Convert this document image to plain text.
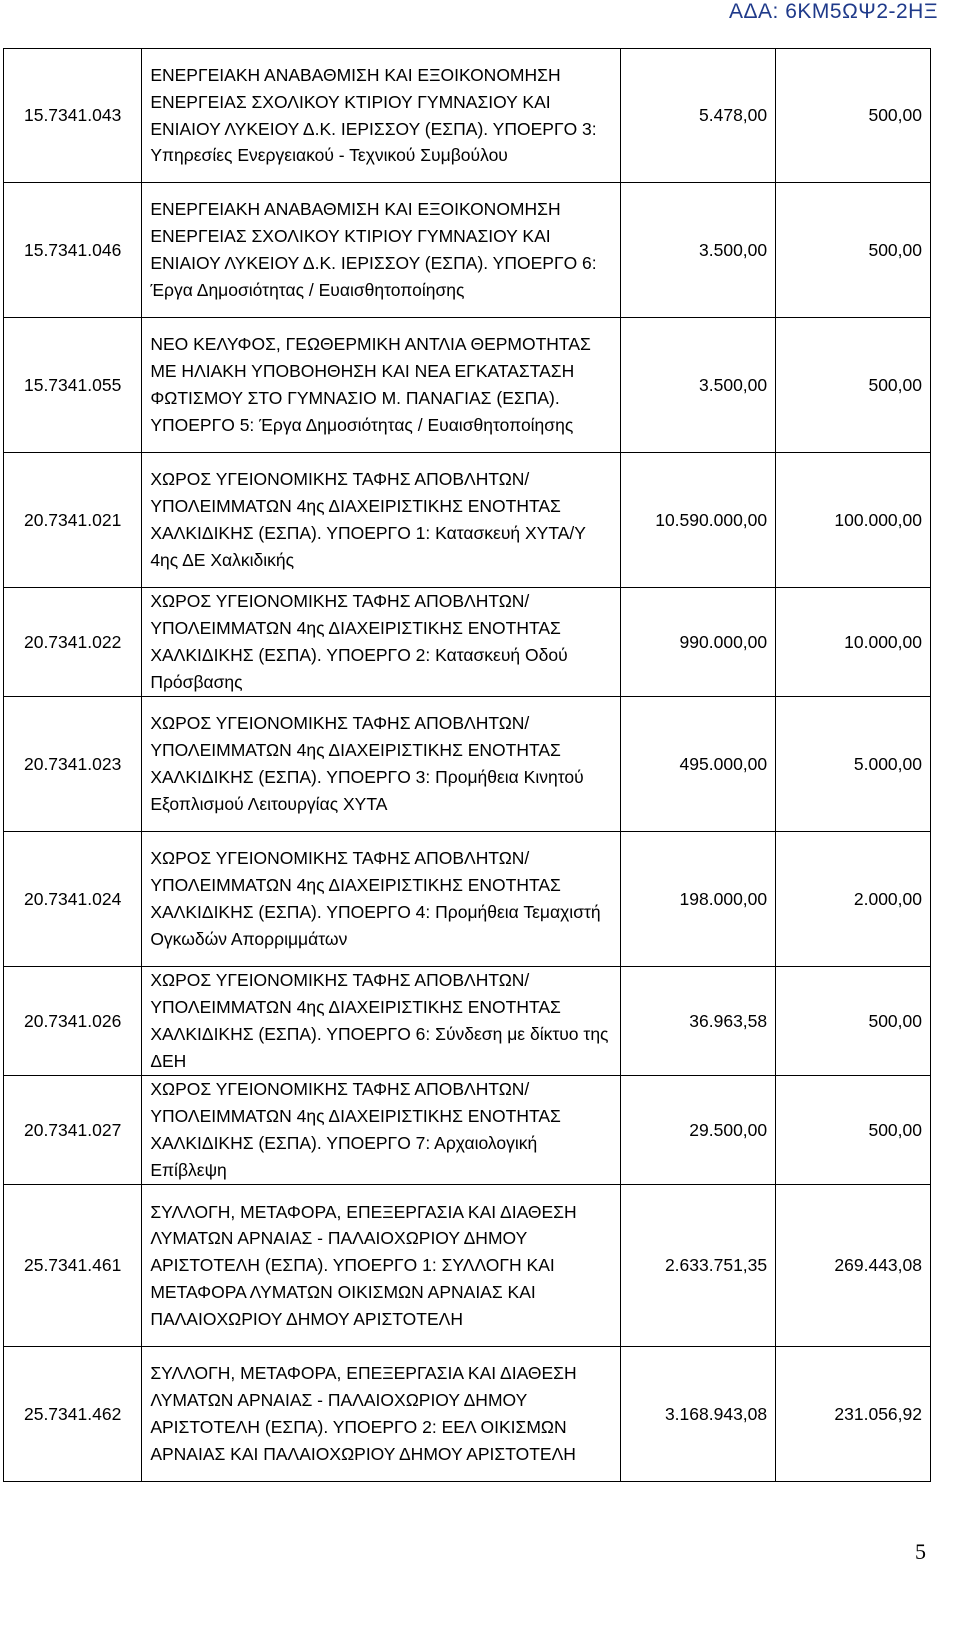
ΑΔΑ: 6ΚΜ5ΩΨ2-2ΗΞ
15.7341.043	ΕΝΕΡΓΕΙΑΚΗ ΑΝΑΒΑΘΜΙΣΗ ΚΑΙ ΕΞΟΙΚΟΝΟΜΗΣΗ ΕΝΕΡΓΕΙΑΣ ΣΧΟΛΙΚΟΥ ΚΤΙΡΙΟΥ ΓΥΜΝΑΣΙΟΥ ΚΑΙ ΕΝΙΑΙΟΥ ΛΥΚΕΙΟΥ Δ.Κ. ΙΕΡΙΣΣΟΥ (ΕΣΠΑ). ΥΠΟΕΡΓΟ 3: Υπηρεσίες Ενεργειακού - Τεχνικού Συμβούλου	5.478,00	500,00
15.7341.046	ΕΝΕΡΓΕΙΑΚΗ ΑΝΑΒΑΘΜΙΣΗ ΚΑΙ ΕΞΟΙΚΟΝΟΜΗΣΗ ΕΝΕΡΓΕΙΑΣ ΣΧΟΛΙΚΟΥ ΚΤΙΡΙΟΥ ΓΥΜΝΑΣΙΟΥ ΚΑΙ ΕΝΙΑΙΟΥ ΛΥΚΕΙΟΥ Δ.Κ. ΙΕΡΙΣΣΟΥ (ΕΣΠΑ). ΥΠΟΕΡΓΟ 6: Έργα Δημοσιότητας / Ευαισθητοποίησης	3.500,00	500,00
15.7341.055	ΝΕΟ ΚΕΛΥΦΟΣ, ΓΕΩΘΕΡΜΙΚΗ ΑΝΤΛΙΑ ΘΕΡΜΟΤΗΤΑΣ ΜΕ ΗΛΙΑΚΗ ΥΠΟΒΟΗΘΗΣΗ ΚΑΙ ΝΕΑ ΕΓΚΑΤΑΣΤΑΣΗ ΦΩΤΙΣΜΟΥ ΣΤΟ ΓΥΜΝΑΣΙΟ Μ. ΠΑΝΑΓΙΑΣ (ΕΣΠΑ). ΥΠΟΕΡΓΟ 5: Έργα Δημοσιότητας / Ευαισθητοποίησης	3.500,00	500,00
20.7341.021	ΧΩΡΟΣ ΥΓΕΙΟΝΟΜΙΚΗΣ ΤΑΦΗΣ ΑΠΟΒΛΗΤΩΝ/ΥΠΟΛΕΙΜΜΑΤΩΝ 4ης ΔΙΑΧΕΙΡΙΣΤΙΚΗΣ ΕΝΟΤΗΤΑΣ ΧΑΛΚΙΔΙΚΗΣ (ΕΣΠΑ). ΥΠΟΕΡΓΟ 1: Κατασκευή ΧΥΤΑ/Υ 4ης ΔΕ Χαλκιδικής	10.590.000,00	100.000,00
20.7341.022	ΧΩΡΟΣ ΥΓΕΙΟΝΟΜΙΚΗΣ ΤΑΦΗΣ ΑΠΟΒΛΗΤΩΝ/ΥΠΟΛΕΙΜΜΑΤΩΝ 4ης ΔΙΑΧΕΙΡΙΣΤΙΚΗΣ ΕΝΟΤΗΤΑΣ ΧΑΛΚΙΔΙΚΗΣ (ΕΣΠΑ). ΥΠΟΕΡΓΟ 2: Κατασκευή Οδού Πρόσβασης	990.000,00	10.000,00
20.7341.023	ΧΩΡΟΣ ΥΓΕΙΟΝΟΜΙΚΗΣ ΤΑΦΗΣ ΑΠΟΒΛΗΤΩΝ/ΥΠΟΛΕΙΜΜΑΤΩΝ 4ης ΔΙΑΧΕΙΡΙΣΤΙΚΗΣ ΕΝΟΤΗΤΑΣ ΧΑΛΚΙΔΙΚΗΣ (ΕΣΠΑ). ΥΠΟΕΡΓΟ 3: Προμήθεια Κινητού Εξοπλισμού Λειτουργίας ΧΥΤΑ	495.000,00	5.000,00
20.7341.024	ΧΩΡΟΣ ΥΓΕΙΟΝΟΜΙΚΗΣ ΤΑΦΗΣ ΑΠΟΒΛΗΤΩΝ/ΥΠΟΛΕΙΜΜΑΤΩΝ 4ης ΔΙΑΧΕΙΡΙΣΤΙΚΗΣ ΕΝΟΤΗΤΑΣ ΧΑΛΚΙΔΙΚΗΣ (ΕΣΠΑ). ΥΠΟΕΡΓΟ 4: Προμήθεια Τεμαχιστή Ογκωδών Απορριμμάτων	198.000,00	2.000,00
20.7341.026	ΧΩΡΟΣ ΥΓΕΙΟΝΟΜΙΚΗΣ ΤΑΦΗΣ ΑΠΟΒΛΗΤΩΝ/ΥΠΟΛΕΙΜΜΑΤΩΝ 4ης ΔΙΑΧΕΙΡΙΣΤΙΚΗΣ ΕΝΟΤΗΤΑΣ ΧΑΛΚΙΔΙΚΗΣ (ΕΣΠΑ). ΥΠΟΕΡΓΟ 6: Σύνδεση με δίκτυο της ΔΕΗ	36.963,58	500,00
20.7341.027	ΧΩΡΟΣ ΥΓΕΙΟΝΟΜΙΚΗΣ ΤΑΦΗΣ ΑΠΟΒΛΗΤΩΝ/ΥΠΟΛΕΙΜΜΑΤΩΝ 4ης ΔΙΑΧΕΙΡΙΣΤΙΚΗΣ ΕΝΟΤΗΤΑΣ ΧΑΛΚΙΔΙΚΗΣ (ΕΣΠΑ). ΥΠΟΕΡΓΟ 7: Αρχαιολογική Επίβλεψη	29.500,00	500,00
25.7341.461	ΣΥΛΛΟΓΗ, ΜΕΤΑΦΟΡΑ, ΕΠΕΞΕΡΓΑΣΙΑ ΚΑΙ ΔΙΑΘΕΣΗ ΛΥΜΑΤΩΝ ΑΡΝΑΙΑΣ - ΠΑΛΑΙΟΧΩΡΙΟΥ ΔΗΜΟΥ ΑΡΙΣΤΟΤΕΛΗ (ΕΣΠΑ). ΥΠΟΕΡΓΟ 1: ΣΥΛΛΟΓΗ ΚΑΙ ΜΕΤΑΦΟΡΑ ΛΥΜΑΤΩΝ ΟΙΚΙΣΜΩΝ ΑΡΝΑΙΑΣ ΚΑΙ ΠΑΛΑΙΟΧΩΡΙΟΥ ΔΗΜΟΥ ΑΡΙΣΤΟΤΕΛΗ	2.633.751,35	269.443,08
25.7341.462	ΣΥΛΛΟΓΗ, ΜΕΤΑΦΟΡΑ, ΕΠΕΞΕΡΓΑΣΙΑ ΚΑΙ ΔΙΑΘΕΣΗ ΛΥΜΑΤΩΝ ΑΡΝΑΙΑΣ - ΠΑΛΑΙΟΧΩΡΙΟΥ ΔΗΜΟΥ ΑΡΙΣΤΟΤΕΛΗ (ΕΣΠΑ). ΥΠΟΕΡΓΟ 2: ΕΕΛ ΟΙΚΙΣΜΩΝ ΑΡΝΑΙΑΣ ΚΑΙ ΠΑΛΑΙΟΧΩΡΙΟΥ ΔΗΜΟΥ ΑΡΙΣΤΟΤΕΛΗ	3.168.943,08	231.056,92
5
